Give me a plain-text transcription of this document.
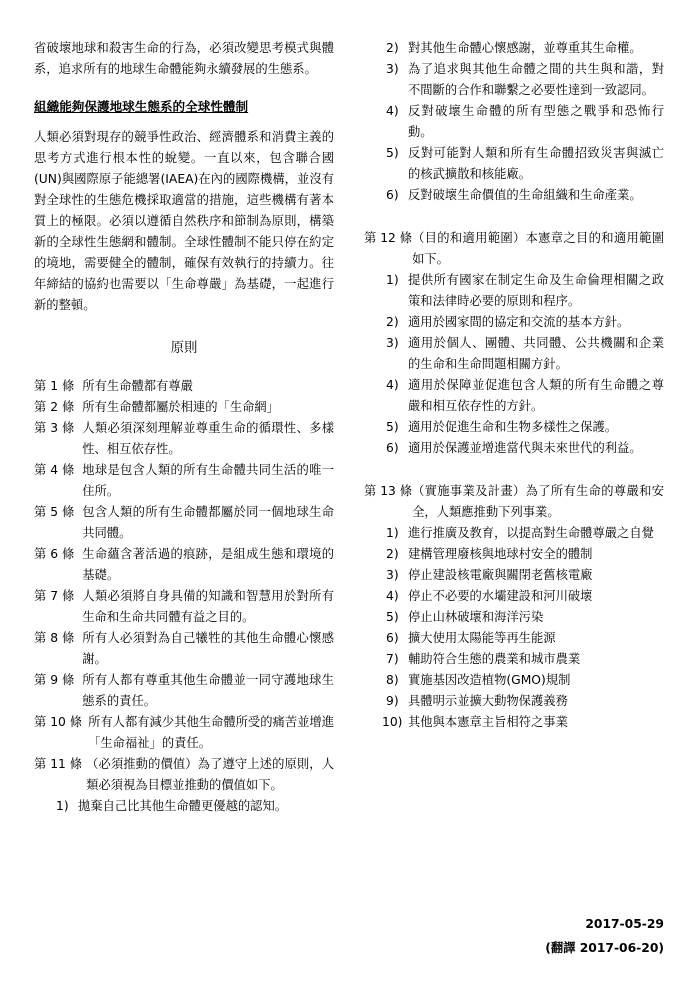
省破壞地球和殺害生命的行為，必須改變思考模式與體系，追求所有的地球生命體能夠永續發展的生態系。
組織能夠保護地球生態系的全球性體制
人類必須對現存的競爭性政治、經濟體系和消費主義的思考方式進行根本性的蛻變。一直以來，包含聯合國(UN)與國際原子能總署(IAEA)在內的國際機構，並沒有對全球性的生態危機採取適當的措施，這些機構有著本質上的極限。必須以遵循自然秩序和節制為原則，構築新的全球性生態網和體制。全球性體制不能只停在約定的境地，需要健全的體制，確保有效執行的持續力。往年締結的協約也需要以「生命尊嚴」為基礎，一起進行新的整頓。
原則
第 1 條 所有生命體都有尊嚴
第 2 條 所有生命體都屬於相連的「生命網」
第 3 條 人類必須深刻理解並尊重生命的循環性、多樣性、相互依存性。
第 4 條 地球是包含人類的所有生命體共同生活的唯一住所。
第 5 條 包含人類的所有生命體都屬於同一個地球生命共同體。
第 6 條 生命蘊含著活過的痕跡，是組成生態和環境的基礎。
第 7 條 人類必須將自身具備的知識和智慧用於對所有生命和生命共同體有益之目的。
第 8 條 所有人必須對為自己犧牲的其他生命體心懷感謝。
第 9 條 所有人都有尊重其他生命體並一同守護地球生態系的責任。
第 10 條 所有人都有減少其他生命體所受的痛苦並增進「生命福祉」的責任。
第 11 條 （必須推動的價值）為了遵守上述的原則，人類必須視為目標並推動的價值如下。
1) 拋棄自己比其他生命體更優越的認知。
2) 對其他生命體心懷感謝，並尊重其生命權。
3) 為了追求與其他生命體之間的共生與和諧，對不間斷的合作和聯繫之必要性達到一致認同。
4) 反對破壞生命體的所有型態之戰爭和恐怖行動。
5) 反對可能對人類和所有生命體招致災害與滅亡的核武擴散和核能廠。
6) 反對破壞生命價值的生命組織和生命產業。
第 12 條 （目的和適用範圍）本憲章之目的和適用範圍如下。
1) 提供所有國家在制定生命及生命倫理相關之政策和法律時必要的原則和程序。
2) 適用於國家間的協定和交流的基本方針。
3) 適用於個人、團體、共同體、公共機關和企業的生命和生命問題相關方針。
4) 適用於保障並促進包含人類的所有生命體之尊嚴和相互依存性的方針。
5) 適用於促進生命和生物多樣性之保護。
6) 適用於保護並增進當代與未來世代的利益。
第 13 條 （實施事業及計畫）為了所有生命的尊嚴和安全，人類應推動下列事業。
1) 進行推廣及教育，以提高對生命體尊嚴之自覺
2) 建構管理廢核與地球村安全的體制
3) 停止建設核電廠與關閉老舊核電廠
4) 停止不必要的水壩建設和河川破壞
5) 停止山林破壞和海洋污染
6) 擴大使用太陽能等再生能源
7) 輔助符合生態的農業和城市農業
8) 實施基因改造植物(GMO)規制
9) 具體明示並擴大動物保護義務
10) 其他與本憲章主旨相符之事業
2017-05-29
(翻譯 2017-06-20)
